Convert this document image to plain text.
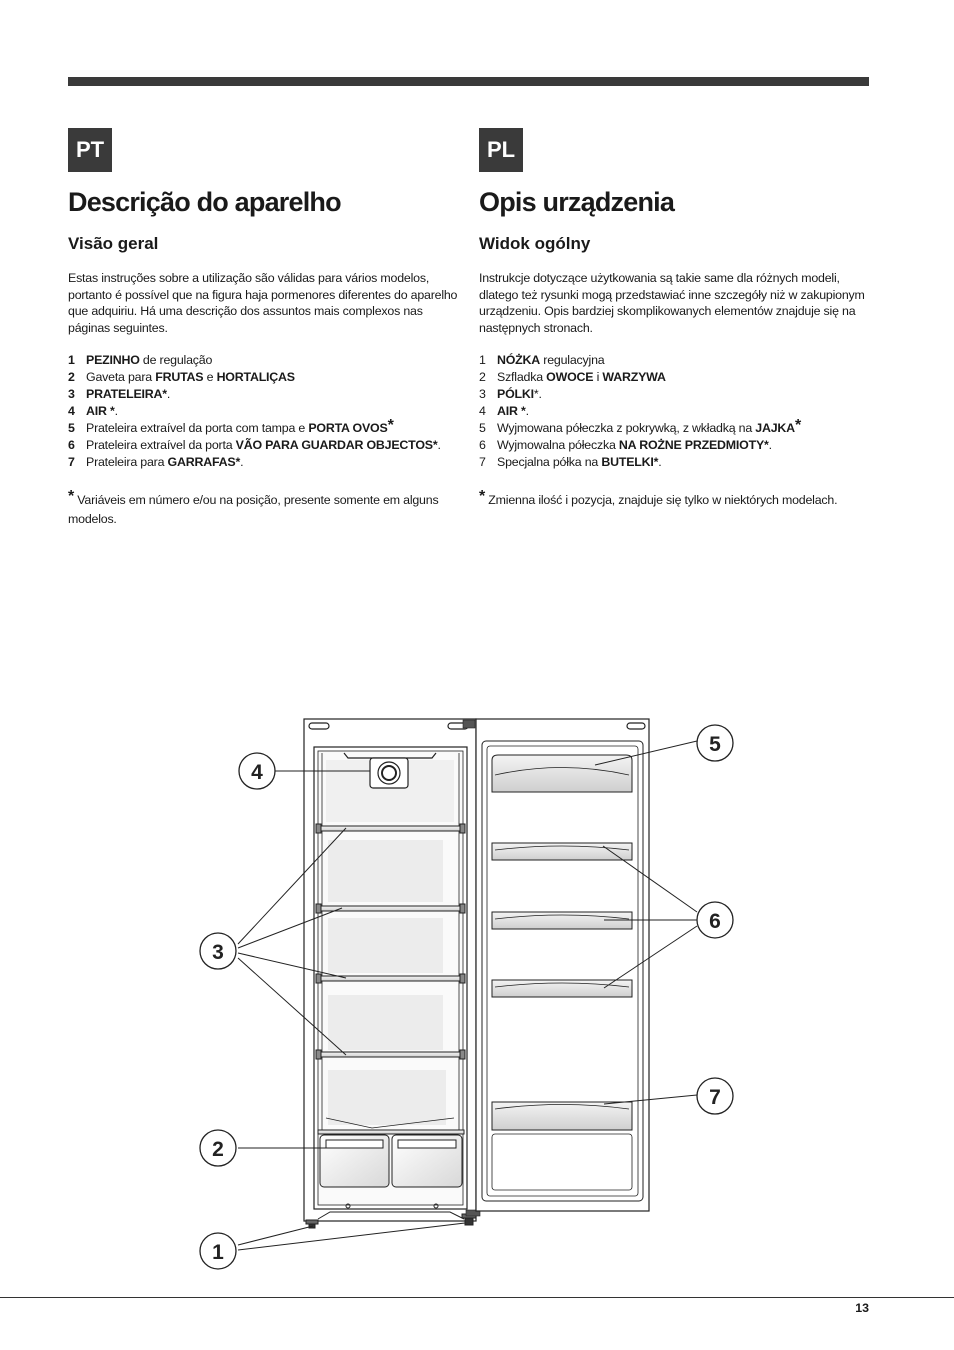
PT
Descrição do aparelho
Visão geral

Estas instruções sobre a utilização são válidas para vários modelos, portanto é possível que na figura haja pormenores diferentes do aparelho que adquiriu. Há uma descrição dos assuntos mais complexos nas páginas seguintes.

1 PEZINHO de regulação
2 Gaveta para FRUTAS e HORTALIÇAS
3 PRATELEIRA*.
4 AIR *.
5 Prateleira extraível da porta com tampa e PORTA OVOS*
6 Prateleira extraível da porta VÃO PARA GUARDAR OBJECTOS*.
7 Prateleira para GARRAFAS*.

* Variáveis em número e/ou na posição, presente somente em alguns modelos.

PL
Opis urządzenia
Widok ogólny

Instrukcje dotyczące użytkowania są takie same dla różnych modeli, dlatego też rysunki mogą przedstawiać inne szczegóły niż w zakupionym urządzeniu. Opis bardziej skomplikowanych elementów znajduje się na następnych stronach.

1 NÓŻKA regulacyjna
2 Szfladka OWOCE i WARZYWA
3 PÓLKI*.
4 AIR *.
5 Wyjmowana półeczka z pokrywką, z wkładką na JAJKA*
6 Wyjmowalna półeczka NA ROŻNE PRZEDMIOTY*.
7 Specjalna półka na BUTELKI*.

* Zmienna ilość i pozycja, znajduje się tylko w niektórych modelach.

1
2
3
4
5
6
7
13
